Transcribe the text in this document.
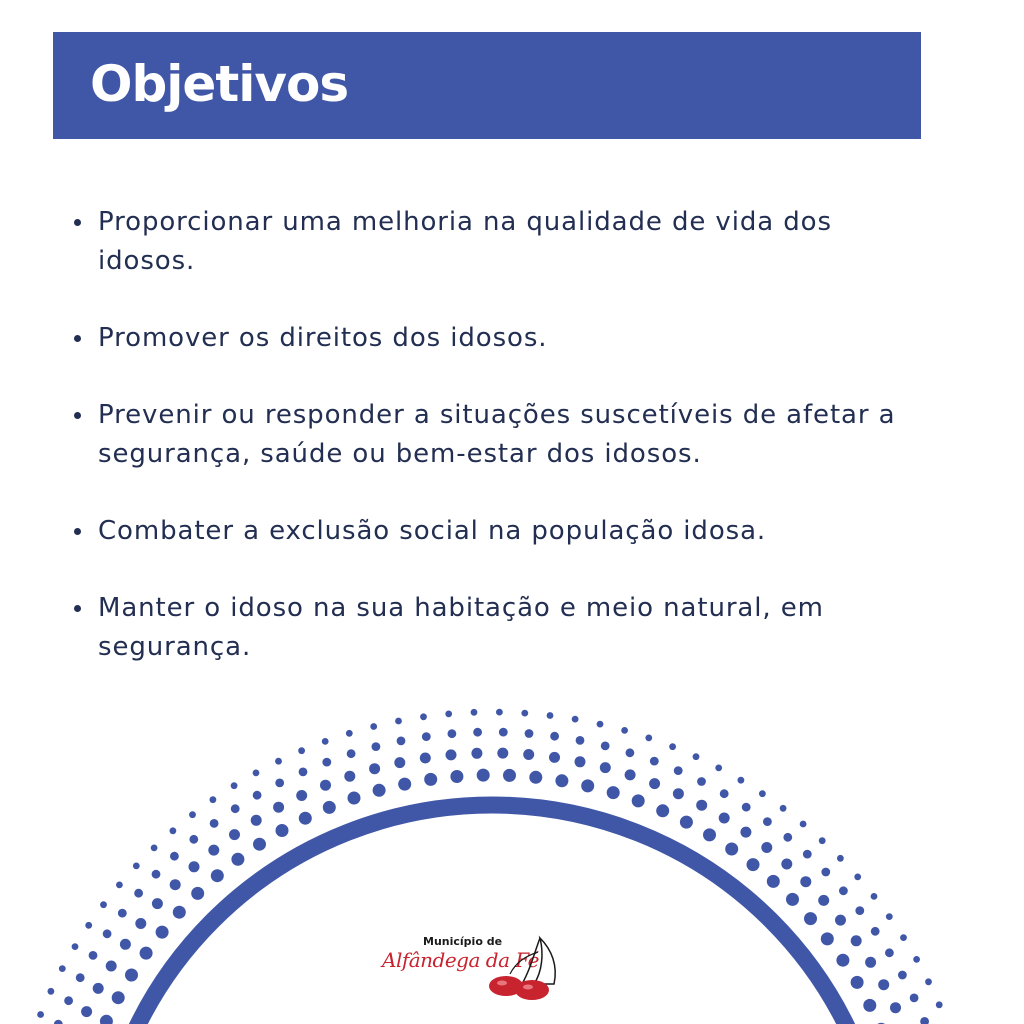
Objetivos
Proporcionar uma melhoria na qualidade de vida dos idosos.
Promover os direitos dos idosos.
Prevenir ou responder a situações suscetíveis de afetar a segurança, saúde ou bem-estar dos idosos.
Combater a exclusão social na população idosa.
Manter o idoso na sua habitação e meio natural, em segurança.
Município de
Alfândega da Fé
